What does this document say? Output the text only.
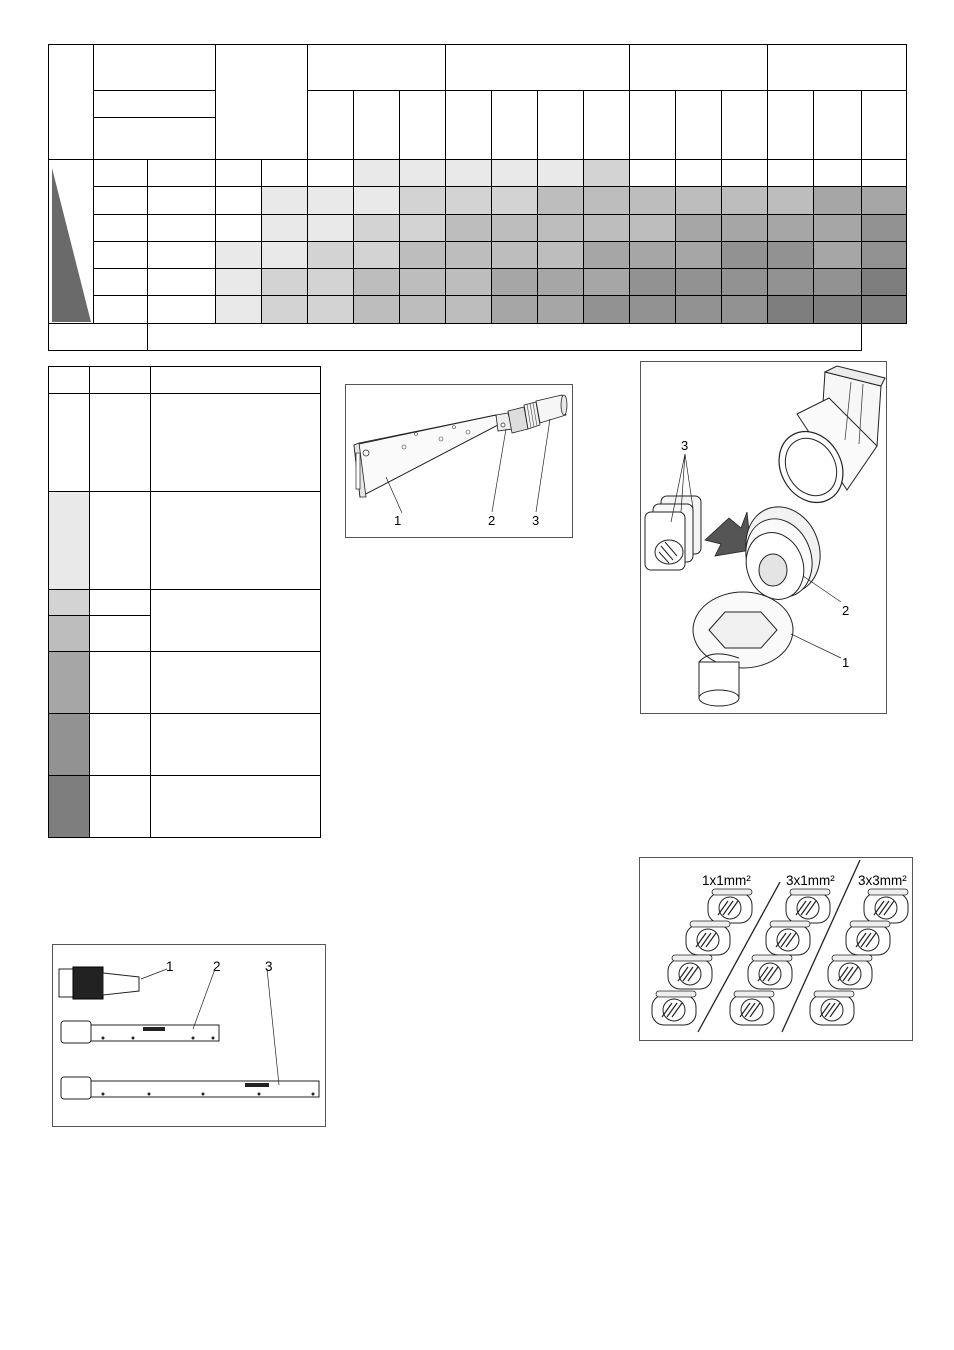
1	2	3
3
2
1
1	2	3
1x1mm²	3x1mm² 3x3mm²
